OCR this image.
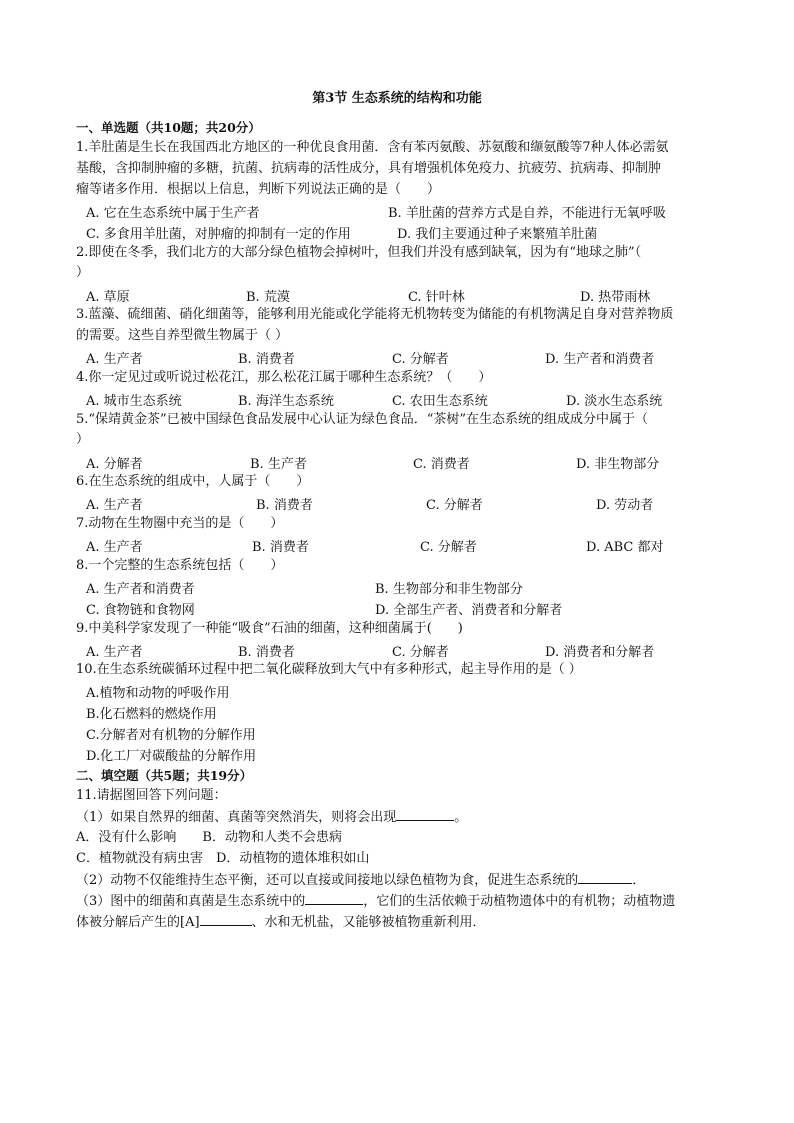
第3节 生态系统的结构和功能
一、单选题（共10题；共20分）
1.羊肚菌是生长在我国西北方地区的一种优良食用菌．含有苯丙氨酸、苏氨酸和缬氨酸等7种人体必需氨
基酸，含抑制肿瘤的多糖，抗菌、抗病毒的活性成分，具有增强机体免疫力、抗疲劳、抗病毒、抑制肿
瘤等诸多作用．根据以上信息，判断下列说法正确的是（　　）
A. 它在生态系统中属于生产者	B. 羊肚菌的营养方式是自养，不能进行无氧呼吸
C. 多食用羊肚菌，对肿瘤的抑制有一定的作用	D. 我们主要通过种子来繁殖羊肚菌
2.即使在冬季，我们北方的大部分绿色植物会掉树叶，但我们并没有感到缺氧，因为有“地球之肺”（
）
A. 草原	B. 荒漠	C. 针叶林	D. 热带雨林
3.蓝藻、硫细菌、硝化细菌等，能够利用光能或化学能将无机物转变为储能的有机物满足自身对营养物质
的需要。这些自养型微生物属于（ ）
A. 生产者	B. 消费者	C. 分解者	D. 生产者和消费者
4.你一定见过或听说过松花江，那么松花江属于哪种生态系统？（　　）
A. 城市生态系统	B. 海洋生态系统	C. 农田生态系统	D. 淡水生态系统
5.“保靖黄金茶”已被中国绿色食品发展中心认证为绿色食品．“茶树”在生态系统的组成成分中属于（
）
A. 分解者	B. 生产者	C. 消费者	D. 非生物部分
6.在生态系统的组成中，人属于（　　）
A. 生产者	B. 消费者	C. 分解者	D. 劳动者
7.动物在生物圈中充当的是（　　）
A. 生产者	B. 消费者	C. 分解者	D. ABC 都对
8.一个完整的生态系统包括（　　）
A. 生产者和消费者	B. 生物部分和非生物部分
C. 食物链和食物网	D. 全部生产者、消费者和分解者
9.中美科学家发现了一种能“吸食”石油的细菌，这种细菌属于(　　)
A. 生产者	B. 消费者	C. 分解者	D. 消费者和分解者
10.在生态系统碳循环过程中把二氧化碳释放到大气中有多种形式，起主导作用的是（ ）
A.植物和动物的呼吸作用
B.化石燃料的燃烧作用
C.分解者对有机物的分解作用
D.化工厂对碳酸盐的分解作用
二、填空题（共5题；共19分）
11.请据图回答下列问题：
（1）如果自然界的细菌、真菌等突然消失，则将会出现	。
A．没有什么影响　　B．动物和人类不会患病
C．植物就没有病虫害　D．动植物的遗体堆积如山
（2）动物不仅能维持生态平衡，还可以直接或间接地以绿色植物为食，促进生态系统的	．
（3）图中的细菌和真菌是生态系统中的	，它们的生活依赖于动植物遗体中的有机物；动植物遗
体被分解后产生的[A]	、水和无机盐，又能够被植物重新利用．
